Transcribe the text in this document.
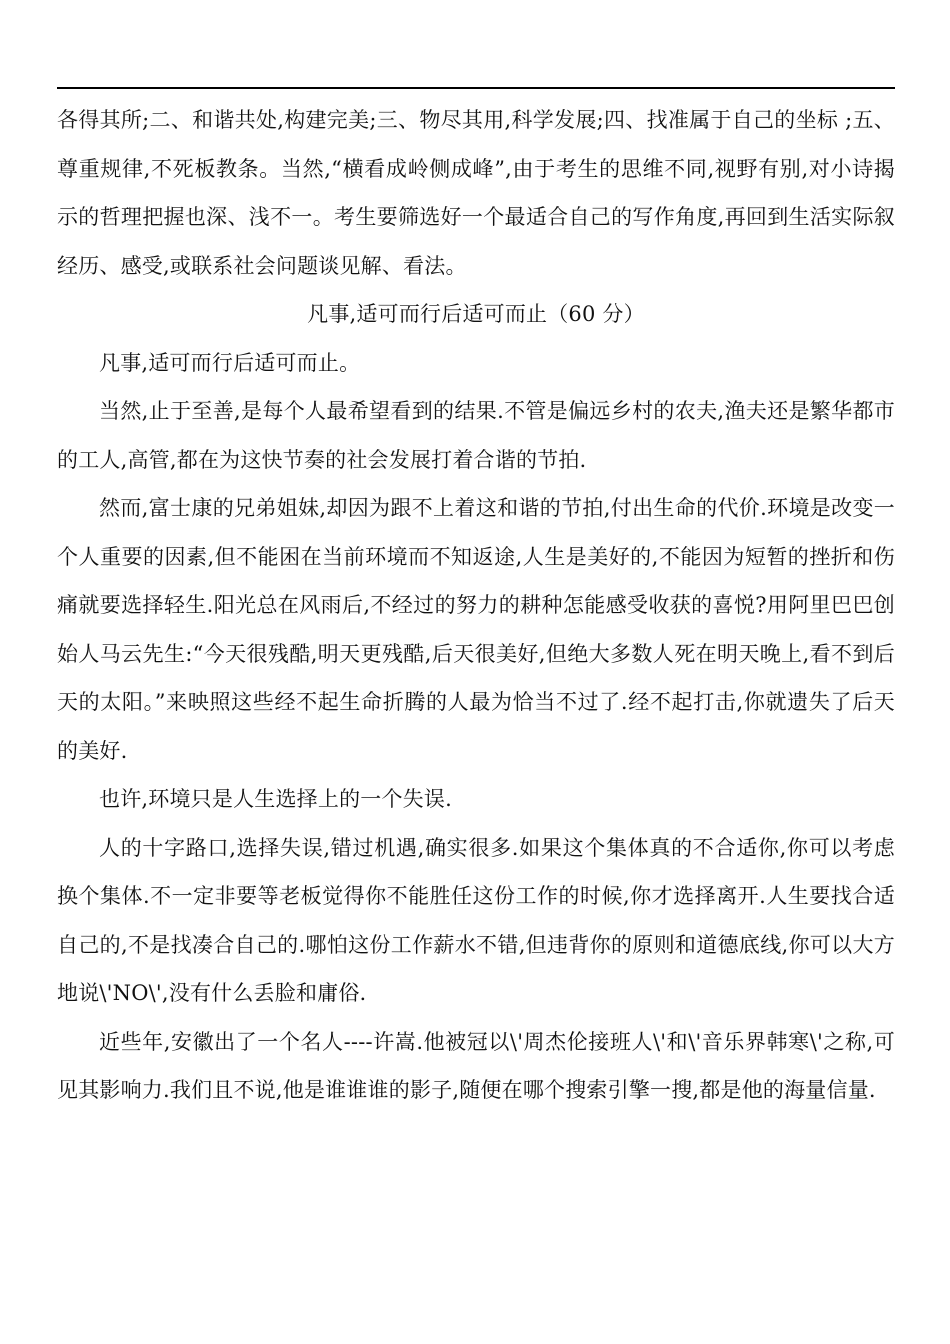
各得其所;二、和谐共处,构建完美;三、物尽其用,科学发展;四、找准属于自己的坐标 ;五、尊重规律,不死板教条。当然,“横看成岭侧成峰”,由于考生的思维不同,视野有别,对小诗揭示的哲理把握也深、浅不一。考生要筛选好一个最适合自己的写作角度,再回到生活实际叙经历、感受,或联系社会问题谈见解、看法。

凡事,适可而行后适可而止（60 分）

凡事,适可而行后适可而止。

当然,止于至善,是每个人最希望看到的结果.不管是偏远乡村的农夫,渔夫还是繁华都市的工人,高管,都在为这快节奏的社会发展打着合谐的节拍.

然而,富士康的兄弟姐妹,却因为跟不上着这和谐的节拍,付出生命的代价.环境是改变一个人重要的因素,但不能困在当前环境而不知返途,人生是美好的,不能因为短暂的挫折和伤痛就要选择轻生.阳光总在风雨后,不经过的努力的耕种怎能感受收获的喜悦?用阿里巴巴创始人马云先生:“今天很残酷,明天更残酷,后天很美好,但绝大多数人死在明天晚上,看不到后天的太阳。”来映照这些经不起生命折腾的人最为恰当不过了.经不起打击,你就遗失了后天的美好.

也许,环境只是人生选择上的一个失误.

人的十字路口,选择失误,错过机遇,确实很多.如果这个集体真的不合适你,你可以考虑换个集体.不一定非要等老板觉得你不能胜任这份工作的时候,你才选择离开.人生要找合适自己的,不是找凑合自己的.哪怕这份工作薪水不错,但违背你的原则和道德底线,你可以大方地说\'NO\',没有什么丢脸和庸俗.

近些年,安徽出了一个名人----许嵩.他被冠以\'周杰伦接班人\'和\'音乐界韩寒\'之称,可见其影响力.我们且不说,他是谁谁谁的影子,随便在哪个搜索引擎一搜,都是他的海量信量.
